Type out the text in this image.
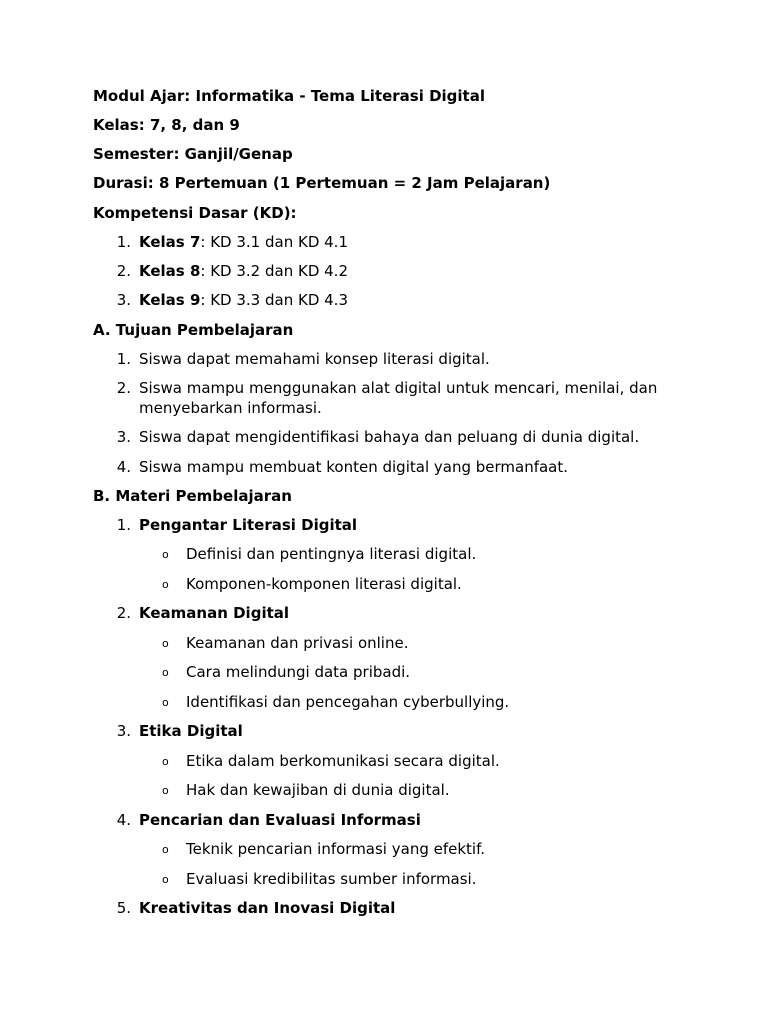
Modul Ajar: Informatika - Tema Literasi Digital
Kelas: 7, 8, dan 9
Semester: Ganjil/Genap
Durasi: 8 Pertemuan (1 Pertemuan = 2 Jam Pelajaran)
Kompetensi Dasar (KD):
1. Kelas 7: KD 3.1 dan KD 4.1
2. Kelas 8: KD 3.2 dan KD 4.2
3. Kelas 9: KD 3.3 dan KD 4.3
A. Tujuan Pembelajaran
1. Siswa dapat memahami konsep literasi digital.
2. Siswa mampu menggunakan alat digital untuk mencari, menilai, dan menyebarkan informasi.
3. Siswa dapat mengidentifikasi bahaya dan peluang di dunia digital.
4. Siswa mampu membuat konten digital yang bermanfaat.
B. Materi Pembelajaran
1. Pengantar Literasi Digital
o Definisi dan pentingnya literasi digital.
o Komponen-komponen literasi digital.
2. Keamanan Digital
o Keamanan dan privasi online.
o Cara melindungi data pribadi.
o Identifikasi dan pencegahan cyberbullying.
3. Etika Digital
o Etika dalam berkomunikasi secara digital.
o Hak dan kewajiban di dunia digital.
4. Pencarian dan Evaluasi Informasi
o Teknik pencarian informasi yang efektif.
o Evaluasi kredibilitas sumber informasi.
5. Kreativitas dan Inovasi Digital
